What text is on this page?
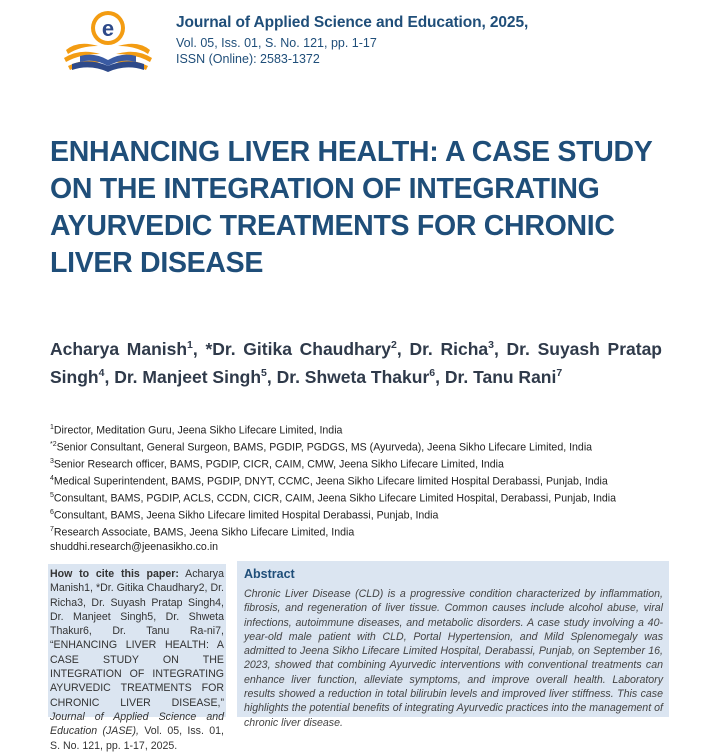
e	Journal of Applied Science and Education, 2025,
Vol. 05, Iss. 01, S. No. 121, pp. 1-17
ISSN (Online): 2583-1372
ENHANCING LIVER HEALTH: A CASE STUDY ON THE INTEGRATION OF INTEGRATING AYURVEDIC TREATMENTS FOR CHRONIC LIVER DISEASE
Acharya Manish$^1$, *Dr. Gitika Chaudhary$^2$, Dr. Richa$^3$, Dr. Suyash Pratap Singh$^4$, Dr. Manjeet Singh$^5$, Dr. Shweta Thakur$^6$, Dr. Tanu Rani$^7$
$^1$Director, Meditation Guru, Jeena Sikho Lifecare Limited, India
$^{*2}$Senior Consultant, General Surgeon, BAMS, PGDIP, PGDGS, MS (Ayurveda), Jeena Sikho Lifecare Limited, India
$^3$Senior Research officer, BAMS, PGDIP, CICR, CAIM, CMW, Jeena Sikho Lifecare Limited, India
$^4$Medical Superintendent, BAMS, PGDIP, DNYT, CCMC, Jeena Sikho Lifecare limited Hospital Derabassi, Punjab, India
$^5$Consultant, BAMS, PGDIP, ACLS, CCDN, CICR, CAIM, Jeena Sikho Lifecare Limited Hospital, Derabassi, Punjab, India
$^6$Consultant, BAMS, Jeena Sikho Lifecare limited Hospital Derabassi, Punjab, India
$^7$Research Associate, BAMS, Jeena Sikho Lifecare Limited, India
shuddhi.research@jeenasikho.co.in
How to cite this paper: Acharya Manish1, *Dr. Gitika Chaudhary2, Dr. Richa3, Dr. Suyash Pratap Singh4, Dr. Manjeet Singh5, Dr. Shweta Thakur6, Dr. Tanu Ra-ni7, “ENHANCING LIVER HEALTH: A CASE STUDY ON THE INTEGRATION OF INTEGRATING AYURVEDIC TREATMENTS FOR CHRONIC LIVER DISEASE,” Journal of Applied Science and Education (JASE), Vol. 05, Iss. 01, S. No. 121, pp. 1-17, 2025.
Abstract

Chronic Liver Disease (CLD) is a progressive condition characterized by inflammation, fibrosis, and regeneration of liver tissue. Common causes include alcohol abuse, viral infections, autoimmune diseases, and metabolic disorders. A case study involving a 40-year-old male patient with CLD, Portal Hypertension, and Mild Splenomegaly was admitted to Jeena Sikho Lifecare Limited Hospital, Derabassi, Punjab, on September 16, 2023, showed that combining Ayurvedic interventions with conventional treatments can enhance liver function, alleviate symptoms, and improve overall health. Laboratory results showed a reduction in total bilirubin levels and improved liver stiffness. This case highlights the potential benefits of integrating Ayurvedic practices into the management of chronic liver disease.
